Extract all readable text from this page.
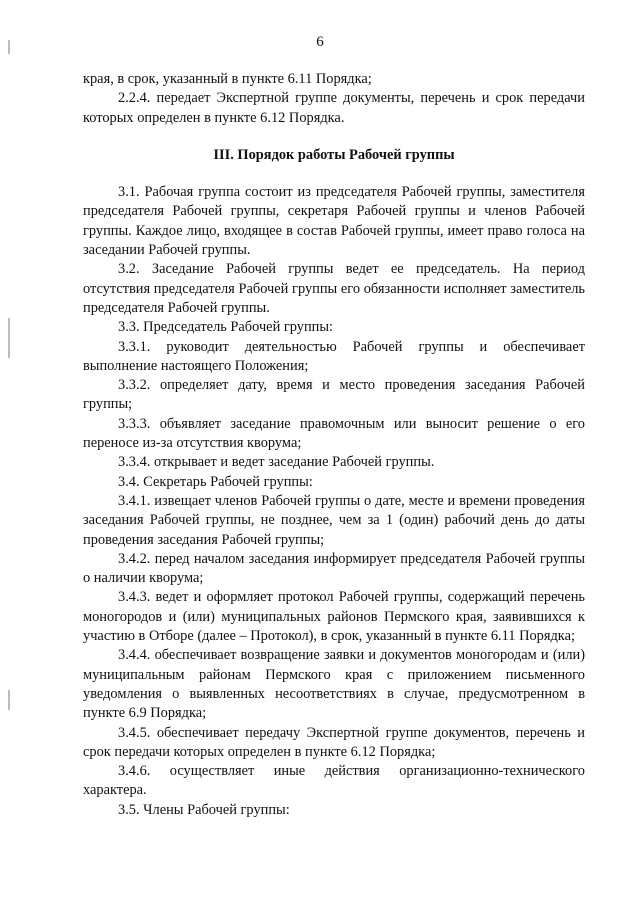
6

края, в срок, указанный в пункте 6.11 Порядка;

2.2.4. передает Экспертной группе документы, перечень и срок передачи которых определен в пункте 6.12 Порядка.

III. Порядок работы Рабочей группы

3.1. Рабочая группа состоит из председателя Рабочей группы, заместителя председателя Рабочей группы, секретаря Рабочей группы и членов Рабочей группы. Каждое лицо, входящее в состав Рабочей группы, имеет право голоса на заседании Рабочей группы.

3.2. Заседание Рабочей группы ведет ее председатель. На период отсутствия председателя Рабочей группы его обязанности исполняет заместитель председателя Рабочей группы.

3.3. Председатель Рабочей группы:

3.3.1. руководит деятельностью Рабочей группы и обеспечивает выполнение настоящего Положения;

3.3.2. определяет дату, время и место проведения заседания Рабочей группы;

3.3.3. объявляет заседание правомочным или выносит решение о его переносе из-за отсутствия кворума;

3.3.4. открывает и ведет заседание Рабочей группы.

3.4. Секретарь Рабочей группы:

3.4.1. извещает членов Рабочей группы о дате, месте и времени проведения заседания Рабочей группы, не позднее, чем за 1 (один) рабочий день до даты проведения заседания Рабочей группы;

3.4.2. перед началом заседания информирует председателя Рабочей группы о наличии кворума;

3.4.3. ведет и оформляет протокол Рабочей группы, содержащий перечень моногородов и (или) муниципальных районов Пермского края, заявившихся к участию в Отборе (далее – Протокол), в срок, указанный в пункте 6.11 Порядка;

3.4.4. обеспечивает возвращение заявки и документов моногородам и (или) муниципальным районам Пермского края с приложением письменного уведомления о выявленных несоответствиях в случае, предусмотренном в пункте 6.9 Порядка;

3.4.5. обеспечивает передачу Экспертной группе документов, перечень и срок передачи которых определен в пункте 6.12 Порядка;

3.4.6. осуществляет иные действия организационно-технического характера.

3.5. Члены Рабочей группы:
